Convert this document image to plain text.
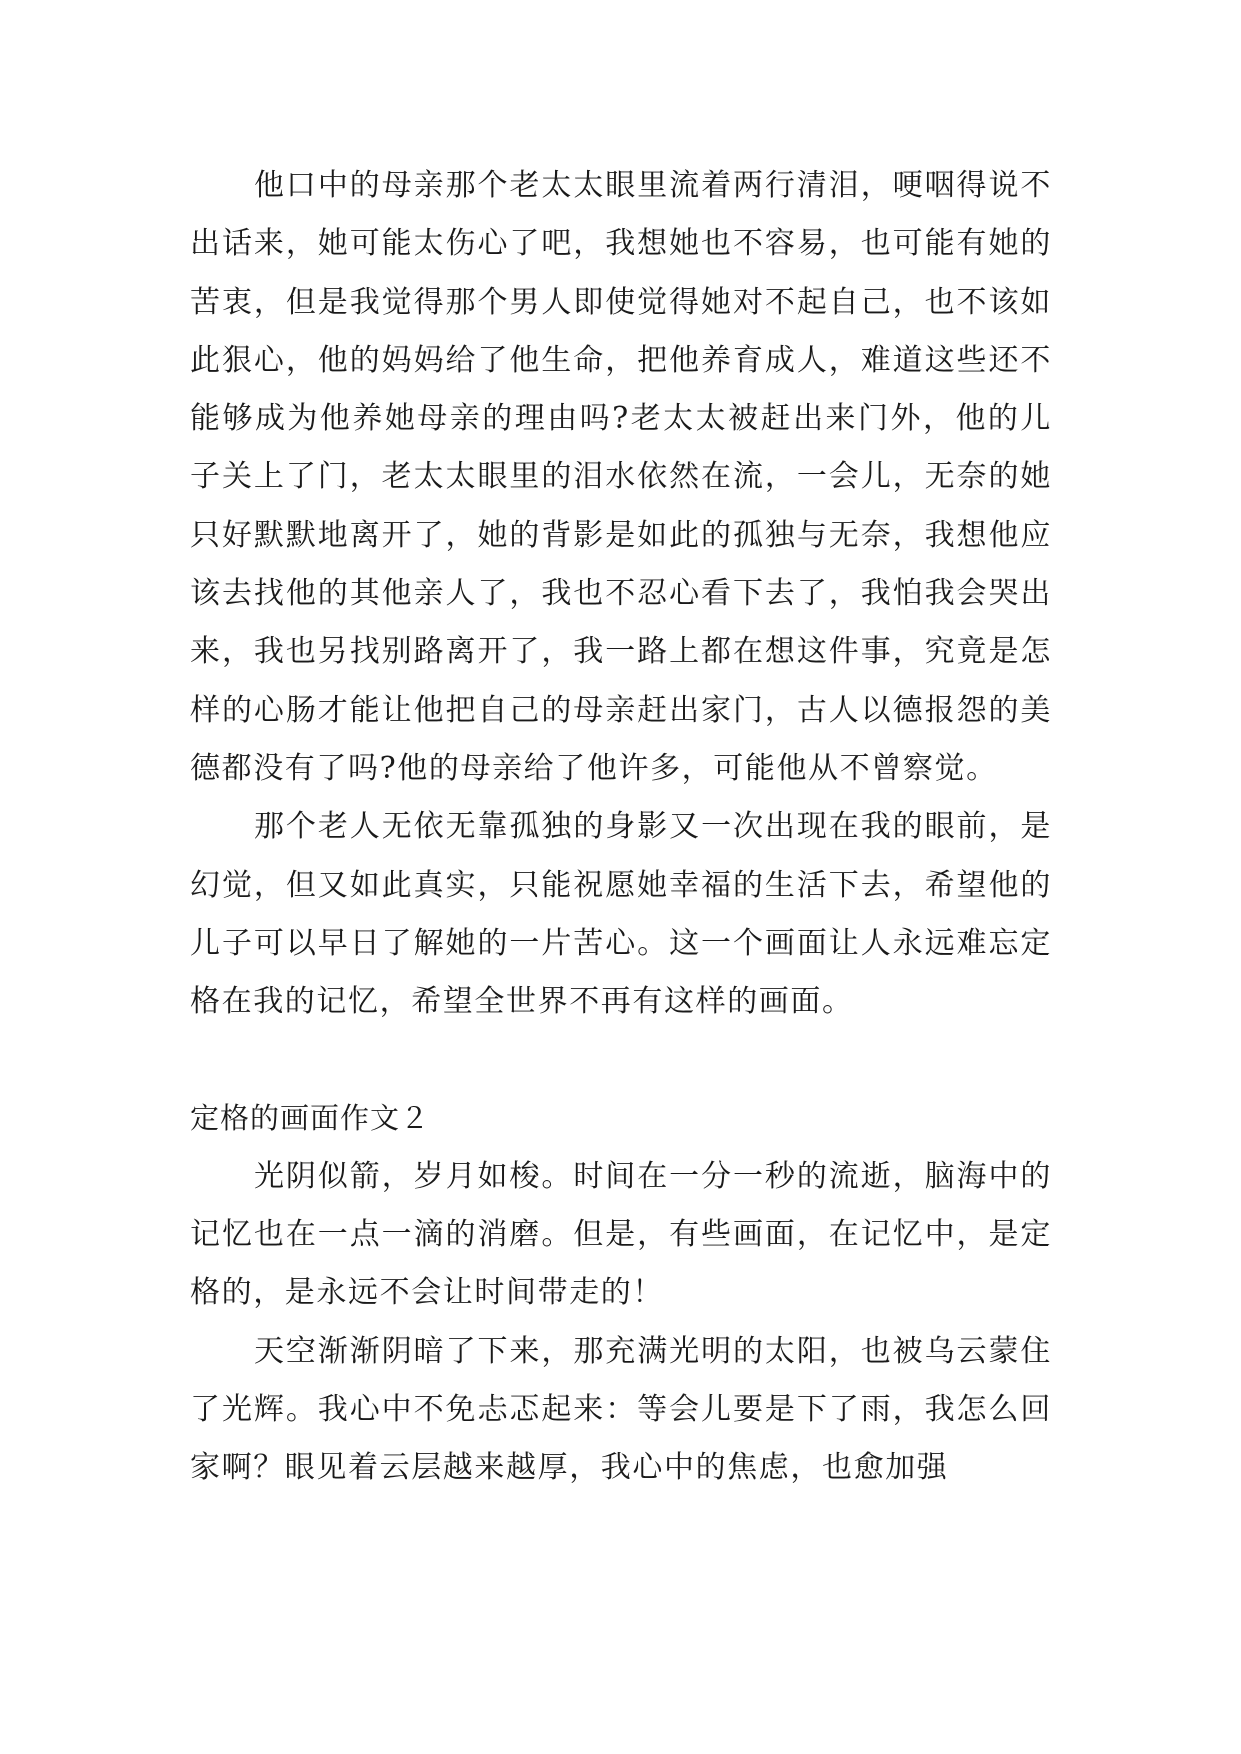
他口中的母亲那个老太太眼里流着两行清泪，哽咽得说不出话来，她可能太伤心了吧，我想她也不容易，也可能有她的苦衷，但是我觉得那个男人即使觉得她对不起自己，也不该如此狠心，他的妈妈给了他生命，把他养育成人，难道这些还不能够成为他养她母亲的理由吗?老太太被赶出来门外，他的儿子关上了门，老太太眼里的泪水依然在流，一会儿，无奈的她只好默默地离开了，她的背影是如此的孤独与无奈，我想他应该去找他的其他亲人了，我也不忍心看下去了，我怕我会哭出来，我也另找别路离开了，我一路上都在想这件事，究竟是怎样的心肠才能让他把自己的母亲赶出家门，古人以德报怨的美德都没有了吗?他的母亲给了他许多，可能他从不曾察觉。

那个老人无依无靠孤独的身影又一次出现在我的眼前，是幻觉，但又如此真实，只能祝愿她幸福的生活下去，希望他的儿子可以早日了解她的一片苦心。这一个画面让人永远难忘定格在我的记忆，希望全世界不再有这样的画面。

定格的画面作文２

光阴似箭，岁月如梭。时间在一分一秒的流逝，脑海中的记忆也在一点一滴的消磨。但是，有些画面，在记忆中，是定格的，是永远不会让时间带走的！

天空渐渐阴暗了下来，那充满光明的太阳，也被乌云蒙住了光辉。我心中不免忐忑起来：等会儿要是下了雨，我怎么回家啊？眼见着云层越来越厚，我心中的焦虑，也愈加强
